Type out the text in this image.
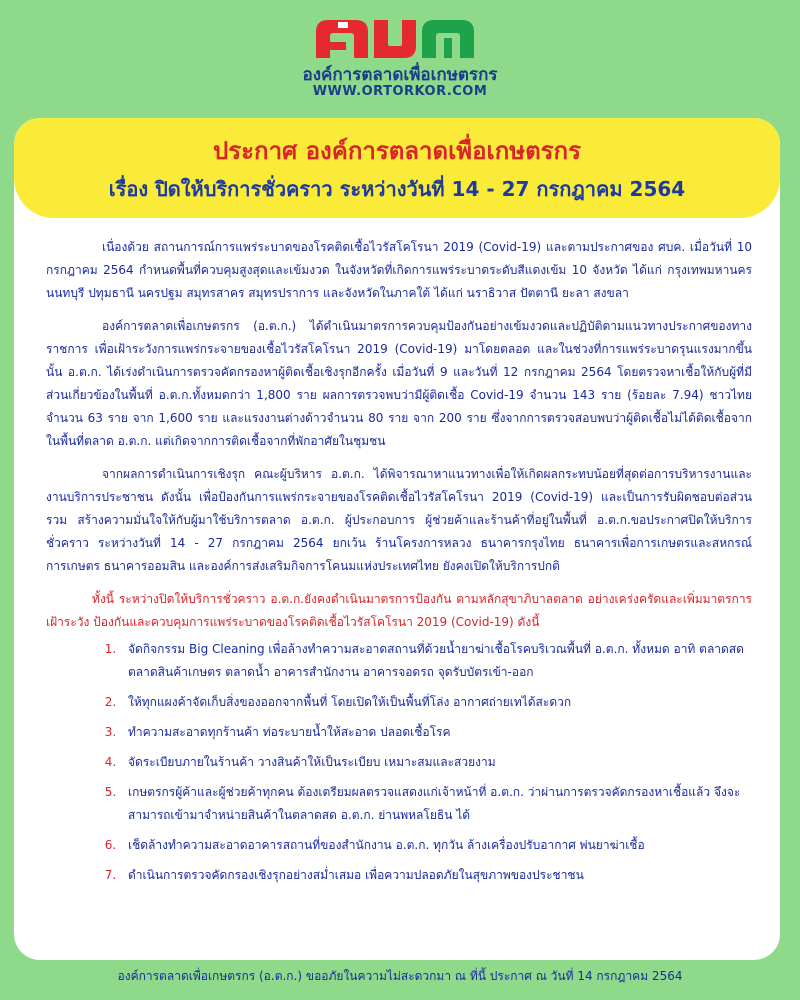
องค์การตลาดเพื่อเกษตรกร
WWW.ORTORKOR.COM
ประกาศ องค์การตลาดเพื่อเกษตรกร
เรื่อง ปิดให้บริการชั่วคราว ระหว่างวันที่ 14 - 27 กรกฎาคม 2564

เนื่องด้วย สถานการณ์การแพร่ระบาดของโรคติดเชื้อไวรัสโคโรนา 2019 (Covid-19) และตามประกาศของ ศบค. เมื่อวันที่ 10 กรกฎาคม 2564 กำหนดพื้นที่ควบคุมสูงสุดและเข้มงวด ในจังหวัดที่เกิดการแพร่ระบาดระดับสีแดงเข้ม 10 จังหวัด ได้แก่ กรุงเทพมหานคร นนทบุรี ปทุมธานี นครปฐม สมุทรสาคร สมุทรปราการ และจังหวัดในภาคใต้ ได้แก่ นราธิวาส ปัตตานี ยะลา สงขลา

องค์การตลาดเพื่อเกษตรกร (อ.ต.ก.) ได้ดำเนินมาตรการควบคุมป้องกันอย่างเข้มงวดและปฏิบัติตามแนวทางประกาศของทางราชการ เพื่อเฝ้าระวังการแพร่กระจายของเชื้อไวรัสโคโรนา 2019 (Covid-19) มาโดยตลอด และในช่วงที่การแพร่ระบาดรุนแรงมากขึ้นนั้น อ.ต.ก. ได้เร่งดำเนินการตรวจคัดกรองหาผู้ติดเชื้อเชิงรุกอีกครั้ง เมื่อวันที่ 9 และวันที่ 12 กรกฎาคม 2564 โดยตรวจหาเชื้อให้กับผู้ที่มีส่วนเกี่ยวข้องในพื้นที่ อ.ต.ก.ทั้งหมดกว่า 1,800 ราย ผลการตรวจพบว่ามีผู้ติดเชื้อ Covid-19 จำนวน 143 ราย (ร้อยละ 7.94) ชาวไทยจำนวน 63 ราย จาก 1,600 ราย และแรงงานต่างด้าวจำนวน 80 ราย จาก 200 ราย ซึ่งจากการตรวจสอบพบว่าผู้ติดเชื้อไม่ได้ติดเชื้อจากในพื้นที่ตลาด อ.ต.ก. แต่เกิดจากการติดเชื้อจากที่พักอาศัยในชุมชน

จากผลการดำเนินการเชิงรุก คณะผู้บริหาร อ.ต.ก. ได้พิจารณาหาแนวทางเพื่อให้เกิดผลกระทบน้อยที่สุดต่อการบริหารงานและงานบริการประชาชน ดังนั้น เพื่อป้องกันการแพร่กระจายของโรคติดเชื้อไวรัสโคโรนา 2019 (Covid-19) และเป็นการรับผิดชอบต่อส่วนรวม สร้างความมั่นใจให้กับผู้มาใช้บริการตลาด อ.ต.ก. ผู้ประกอบการ ผู้ช่วยค้าและร้านค้าที่อยู่ในพื้นที่ อ.ต.ก.ขอประกาศปิดให้บริการชั่วคราว ระหว่างวันที่ 14 - 27 กรกฎาคม 2564 ยกเว้น ร้านโครงการหลวง ธนาคารกรุงไทย ธนาคารเพื่อการเกษตรและสหกรณ์การเกษตร ธนาคารออมสิน และองค์การส่งเสริมกิจการโคนมแห่งประเทศไทย ยังคงเปิดให้บริการปกติ

ทั้งนี้ ระหว่างปิดให้บริการชั่วคราว อ.ต.ก.ยังคงดำเนินมาตรการป้องกัน ตามหลักสุขาภิบาลตลาด อย่างเคร่งครัดและเพิ่มมาตรการเฝ้าระวัง ป้องกันและควบคุมการแพร่ระบาดของโรคติดเชื้อไวรัสโคโรนา 2019 (Covid-19) ดังนี้

1. จัดกิจกรรม Big Cleaning เพื่อล้างทำความสะอาดสถานที่ด้วยน้ำยาฆ่าเชื้อโรคบริเวณพื้นที่ อ.ต.ก. ทั้งหมด อาทิ ตลาดสด ตลาดสินค้าเกษตร ตลาดน้ำ อาคารสำนักงาน อาคารจอดรถ จุดรับบัตรเข้า-ออก
2. ให้ทุกแผงค้าจัดเก็บสิ่งของออกจากพื้นที่ โดยเปิดให้เป็นพื้นที่โล่ง อากาศถ่ายเทได้สะดวก
3. ทำความสะอาดทุกร้านค้า ท่อระบายน้ำให้สะอาด ปลอดเชื้อโรค
4. จัดระเบียบภายในร้านค้า วางสินค้าให้เป็นระเบียบ เหมาะสมและสวยงาม
5. เกษตรกรผู้ค้าและผู้ช่วยค้าทุกคน ต้องเตรียมผลตรวจแสดงแก่เจ้าหน้าที่ อ.ต.ก. ว่าผ่านการตรวจคัดกรองหาเชื้อแล้ว จึงจะสามารถเข้ามาจำหน่ายสินค้าในตลาดสด อ.ต.ก. ย่านพหลโยธิน ได้
6. เช็ดล้างทำความสะอาดอาคารสถานที่ของสำนักงาน อ.ต.ก. ทุกวัน ล้างเครื่องปรับอากาศ พ่นยาฆ่าเชื้อ
7. ดำเนินการตรวจคัดกรองเชิงรุกอย่างสม่ำเสมอ เพื่อความปลอดภัยในสุขภาพของประชาชน
องค์การตลาดเพื่อเกษตรกร (อ.ต.ก.) ขออภัยในความไม่สะดวกมา ณ ที่นี้ ประกาศ ณ วันที่ 14 กรกฎาคม 2564
